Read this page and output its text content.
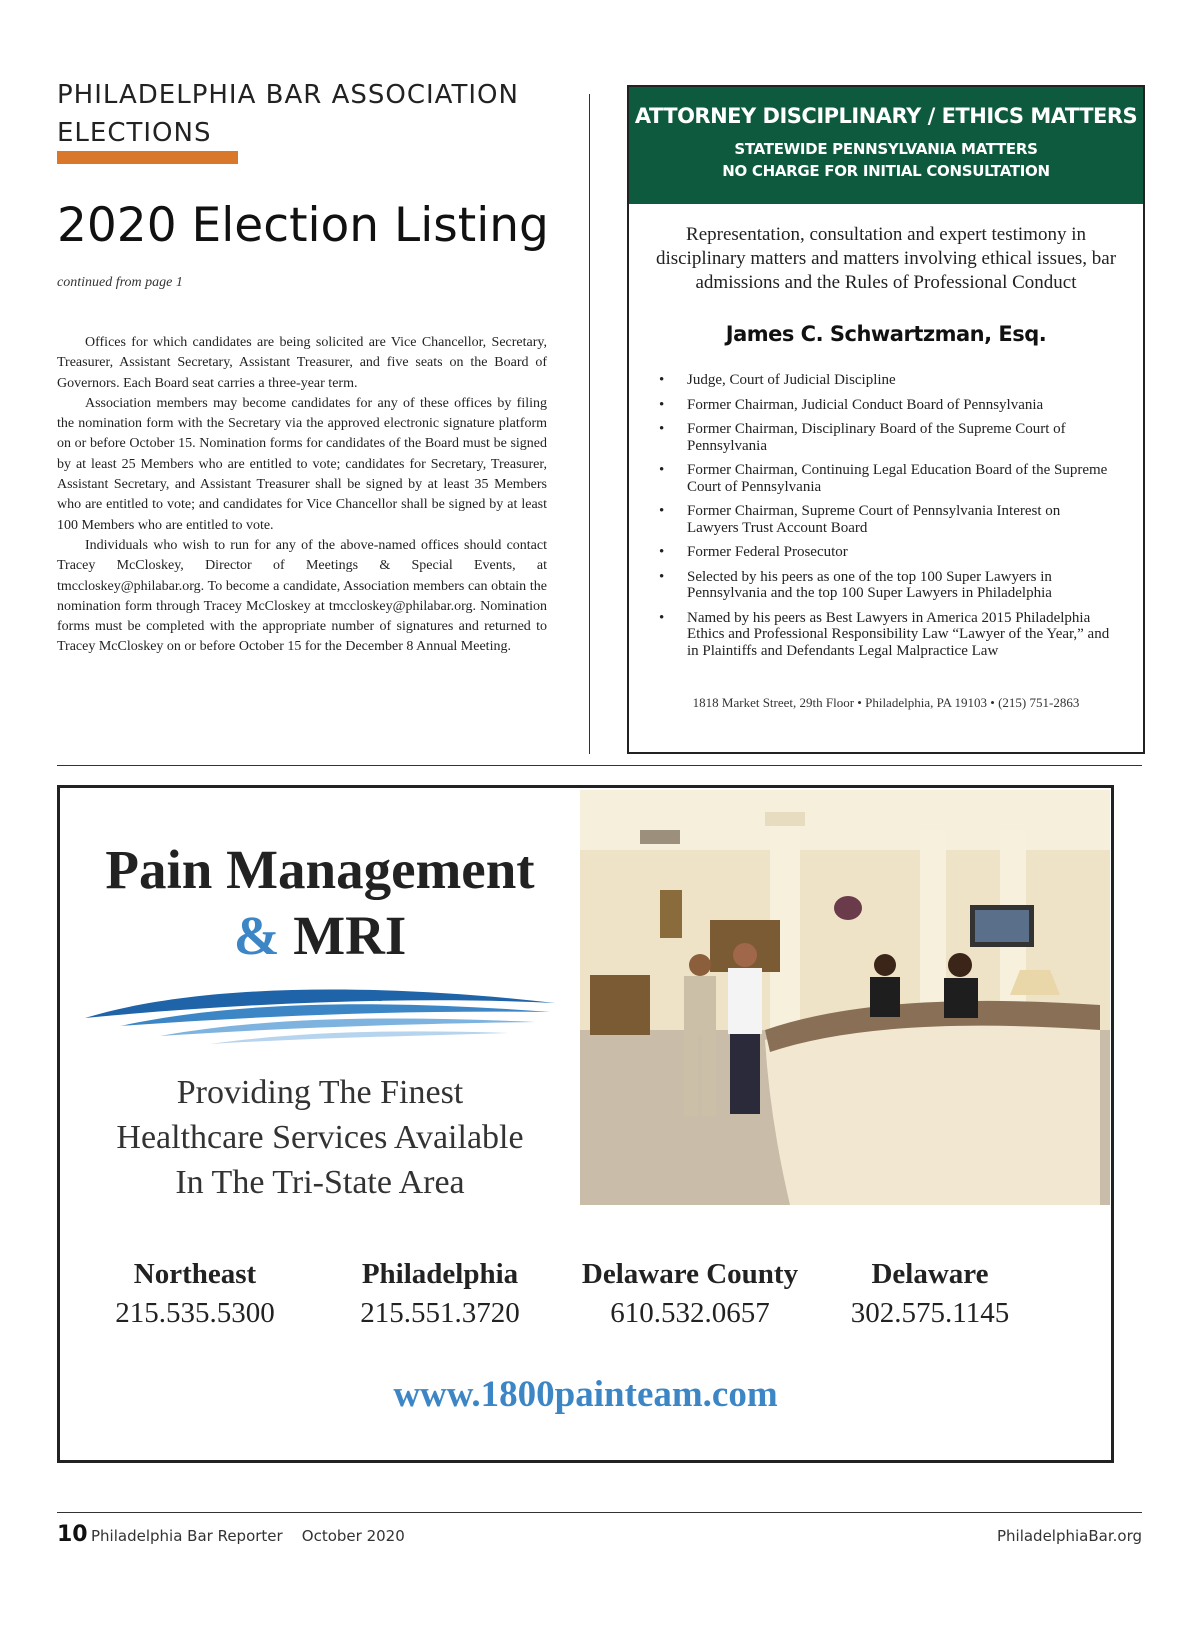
PHILADELPHIA BAR ASSOCIATION
ELECTIONS
2020 Election Listing
continued from page 1

Offices for which candidates are being solicited are Vice Chancellor, Secretary, Treasurer, Assistant Secretary, Assistant Treasurer, and five seats on the Board of Governors. Each Board seat carries a three-year term.

Association members may become candidates for any of these offices by filing the nomination form with the Secretary via the approved electronic signature platform on or before October 15. Nomination forms for candidates of the Board must be signed by at least 25 Members who are entitled to vote; candidates for Secretary, Treasurer, Assistant Secretary, and Assistant Treasurer shall be signed by at least 35 Members who are entitled to vote; and candidates for Vice Chancellor shall be signed by at least 100 Members who are entitled to vote.

Individuals who wish to run for any of the above-named offices should contact Tracey McCloskey, Director of Meetings & Special Events, at tmccloskey@philabar.org. To become a candidate, Association members can obtain the nomination form through Tracey McCloskey at tmccloskey@philabar.org. Nomination forms must be completed with the appropriate number of signatures and returned to Tracey McCloskey on or before October 15 for the December 8 Annual Meeting.

ATTORNEY DISCIPLINARY / ETHICS MATTERS
STATEWIDE PENNSYLVANIA MATTERS
NO CHARGE FOR INITIAL CONSULTATION
Representation, consultation and expert testimony in disciplinary matters and matters involving ethical issues, bar admissions and the Rules of Professional Conduct
James C. Schwartzman, Esq.
• Judge, Court of Judicial Discipline
• Former Chairman, Judicial Conduct Board of Pennsylvania
• Former Chairman, Disciplinary Board of the Supreme Court of Pennsylvania
• Former Chairman, Continuing Legal Education Board of the Supreme Court of Pennsylvania
• Former Chairman, Supreme Court of Pennsylvania Interest on Lawyers Trust Account Board
• Former Federal Prosecutor
• Selected by his peers as one of the top 100 Super Lawyers in Pennsylvania and the top 100 Super Lawyers in Philadelphia
• Named by his peers as Best Lawyers in America 2015 Philadelphia Ethics and Professional Responsibility Law “Lawyer of the Year,” and in Plaintiffs and Defendants Legal Malpractice Law
1818 Market Street, 29th Floor • Philadelphia, PA 19103 • (215) 751-2863
Pain Management
& MRI
Providing The Finest
Healthcare Services Available
In The Tri-State Area
Northeast
215.535.5300
Philadelphia
215.551.3720
Delaware County
610.532.0657
Delaware
302.575.1145
www.1800painteam.com
10 Philadelphia Bar Reporter October 2020	PhiladelphiaBar.org
